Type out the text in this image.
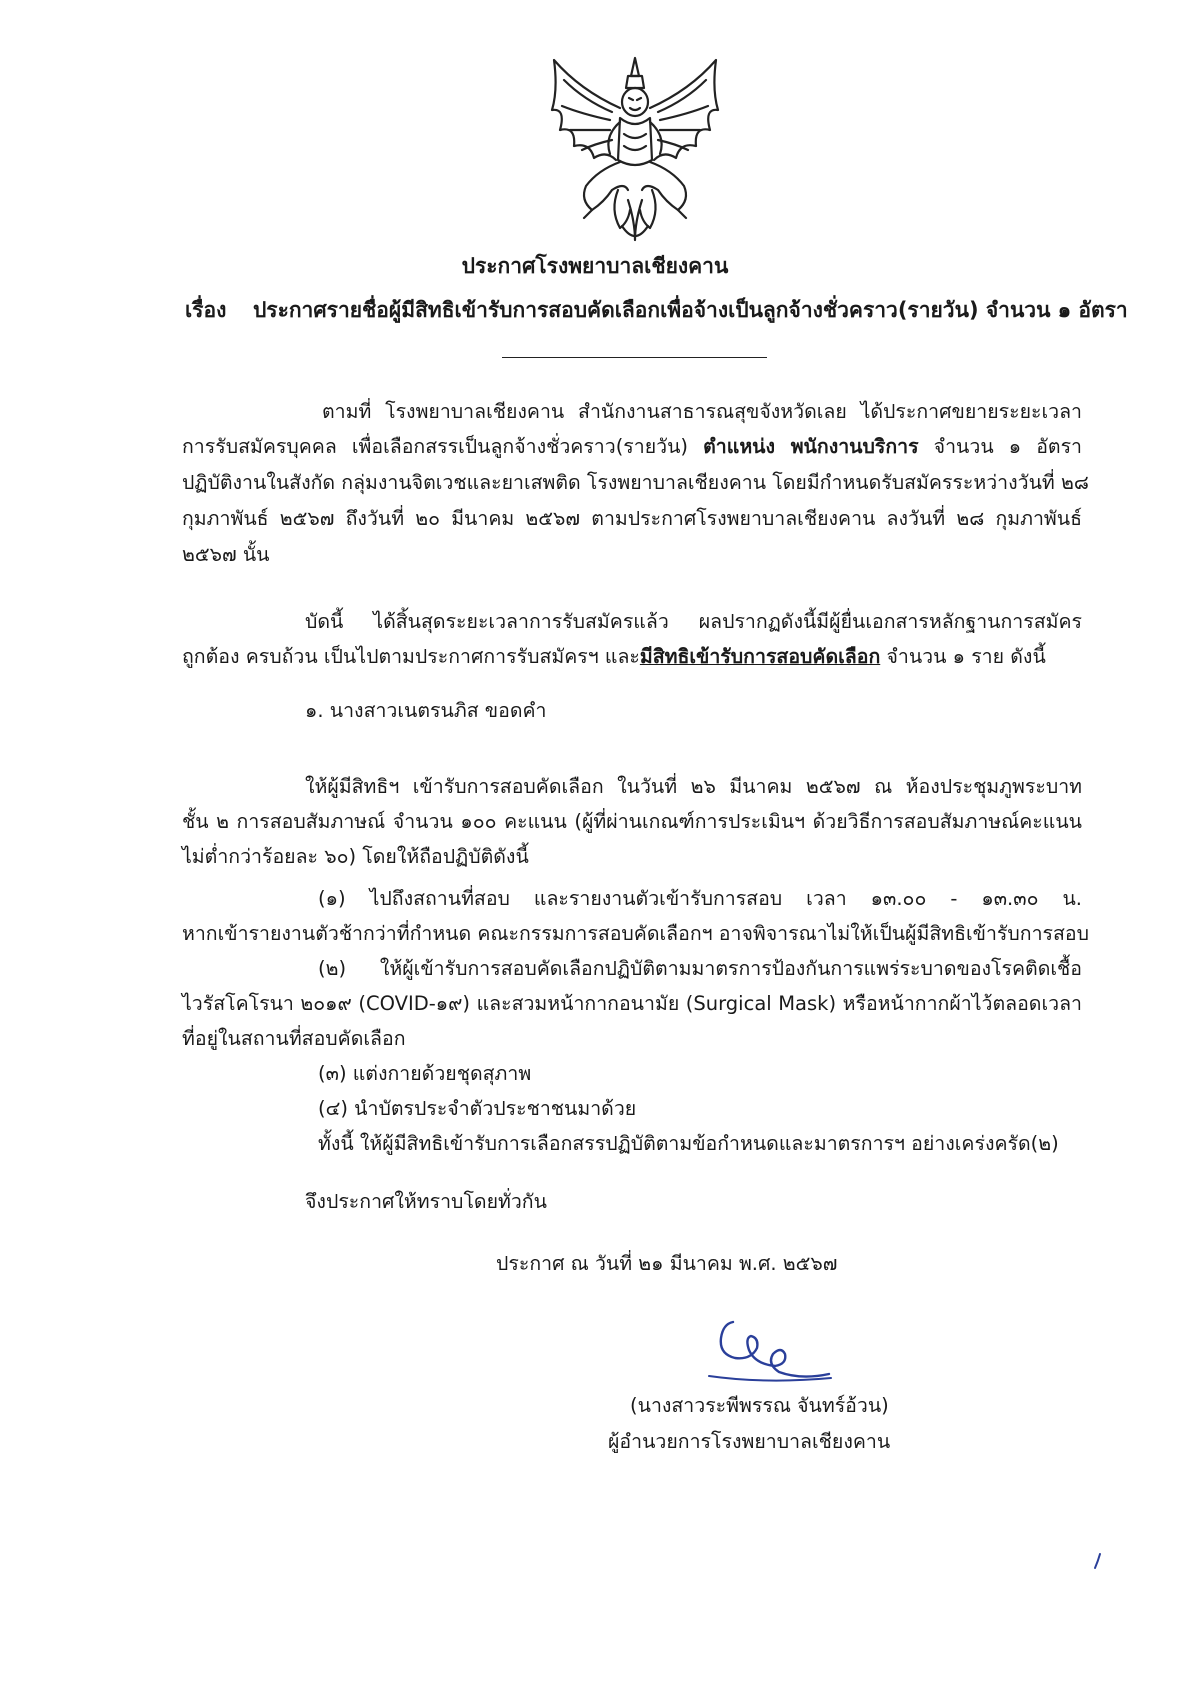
ประกาศโรงพยาบาลเชียงคาน
เรื่อง ประกาศรายชื่อผู้มีสิทธิเข้ารับการสอบคัดเลือกเพื่อจ้างเป็นลูกจ้างชั่วคราว(รายวัน) จำนวน ๑ อัตรา
ตามที่ โรงพยาบาลเชียงคาน สำนักงานสาธารณสุขจังหวัดเลย ได้ประกาศขยายระยะเวลา
การรับสมัครบุคคล เพื่อเลือกสรรเป็นลูกจ้างชั่วคราว(รายวัน) ตำแหน่ง พนักงานบริการ จำนวน ๑ อัตรา
ปฏิบัติงานในสังกัด กลุ่มงานจิตเวชและยาเสพติด โรงพยาบาลเชียงคาน โดยมีกำหนดรับสมัครระหว่างวันที่ ๒๘
กุมภาพันธ์ ๒๕๖๗ ถึงวันที่ ๒๐ มีนาคม ๒๕๖๗ ตามประกาศโรงพยาบาลเชียงคาน ลงวันที่ ๒๘ กุมภาพันธ์
๒๕๖๗ นั้น
บัดนี้ ได้สิ้นสุดระยะเวลาการรับสมัครแล้ว ผลปรากฏดังนี้มีผู้ยื่นเอกสารหลักฐานการสมัคร
ถูกต้อง ครบถ้วน เป็นไปตามประกาศการรับสมัครฯ และมีสิทธิเข้ารับการสอบคัดเลือก จำนวน ๑ ราย ดังนี้
๑. นางสาวเนตรนภิส ขอดคำ
ให้ผู้มีสิทธิฯ เข้ารับการสอบคัดเลือก ในวันที่ ๒๖ มีนาคม ๒๕๖๗ ณ ห้องประชุมภูพระบาท
ชั้น ๒ การสอบสัมภาษณ์ จำนวน ๑๐๐ คะแนน (ผู้ที่ผ่านเกณฑ์การประเมินฯ ด้วยวิธีการสอบสัมภาษณ์คะแนน
ไม่ต่ำกว่าร้อยละ ๖๐) โดยให้ถือปฏิบัติดังนี้
(๑) ไปถึงสถานที่สอบ และรายงานตัวเข้ารับการสอบ เวลา ๑๓.๐๐ - ๑๓.๓๐ น.
หากเข้ารายงานตัวช้ากว่าที่กำหนด คณะกรรมการสอบคัดเลือกฯ อาจพิจารณาไม่ให้เป็นผู้มีสิทธิเข้ารับการสอบ
(๒) ให้ผู้เข้ารับการสอบคัดเลือกปฏิบัติตามมาตรการป้องกันการแพร่ระบาดของโรคติดเชื้อ
ไวรัสโคโรนา ๒๐๑๙ (COVID-๑๙) และสวมหน้ากากอนามัย (Surgical Mask) หรือหน้ากากผ้าไว้ตลอดเวลา
ที่อยู่ในสถานที่สอบคัดเลือก
(๓) แต่งกายด้วยชุดสุภาพ
(๔) นำบัตรประจำตัวประชาชนมาด้วย
ทั้งนี้ ให้ผู้มีสิทธิเข้ารับการเลือกสรรปฏิบัติตามข้อกำหนดและมาตรการฯ อย่างเคร่งครัด(๒)
จึงประกาศให้ทราบโดยทั่วกัน
ประกาศ ณ วันที่ ๒๑ มีนาคม พ.ศ. ๒๕๖๗
(นางสาวระพีพรรณ จันทร์อ้วน)
ผู้อำนวยการโรงพยาบาลเชียงคาน
